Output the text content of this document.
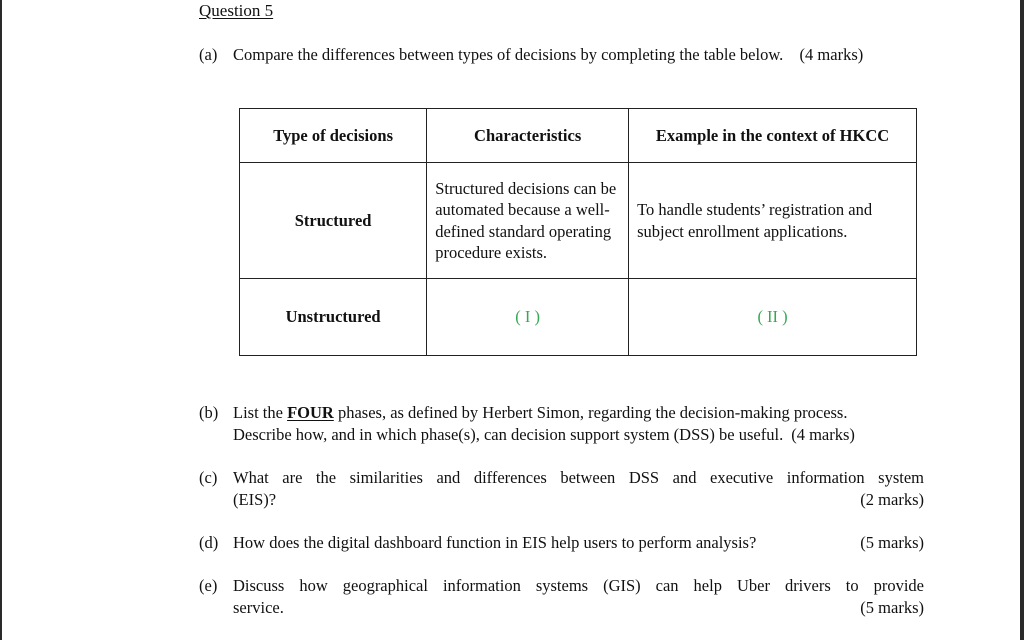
Question 5
(a) Compare the differences between types of decisions by completing the table below. (4 marks)
Type of decisions	Characteristics	Example in the context of HKCC
Structured	Structured decisions can be automated because a well-defined standard operating procedure exists.	To handle students’ registration and subject enrollment applications.
Unstructured	( I )	( II )
(b) List the FOUR phases, as defined by Herbert Simon, regarding the decision-making process.
Describe how, and in which phase(s), can decision support system (DSS) be useful. (4 marks)
(c) What are the similarities and differences between DSS and executive information system
(EIS)?	(2 marks)
(d) How does the digital dashboard function in EIS help users to perform analysis?	(5 marks)
(e) Discuss how geographical information systems (GIS) can help Uber drivers to provide
service.	(5 marks)
